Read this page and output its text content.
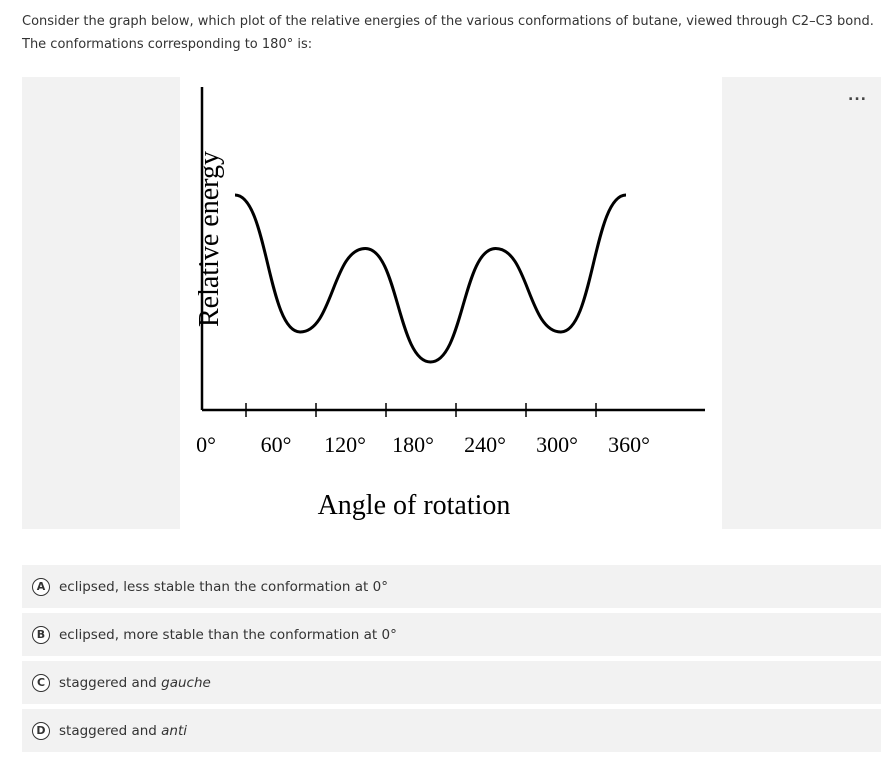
Consider the graph below, which plot of the relative energies of the various conformations of butane, viewed through C2–C3 bond.
The conformations corresponding to 180° is:
Relative energy
Angle of rotation
0° 60° 120° 180° 240° 300° 360°
...
A	eclipsed, less stable than the conformation at 0°
B	eclipsed, more stable than the conformation at 0°
C	staggered and gauche
D staggered and anti
